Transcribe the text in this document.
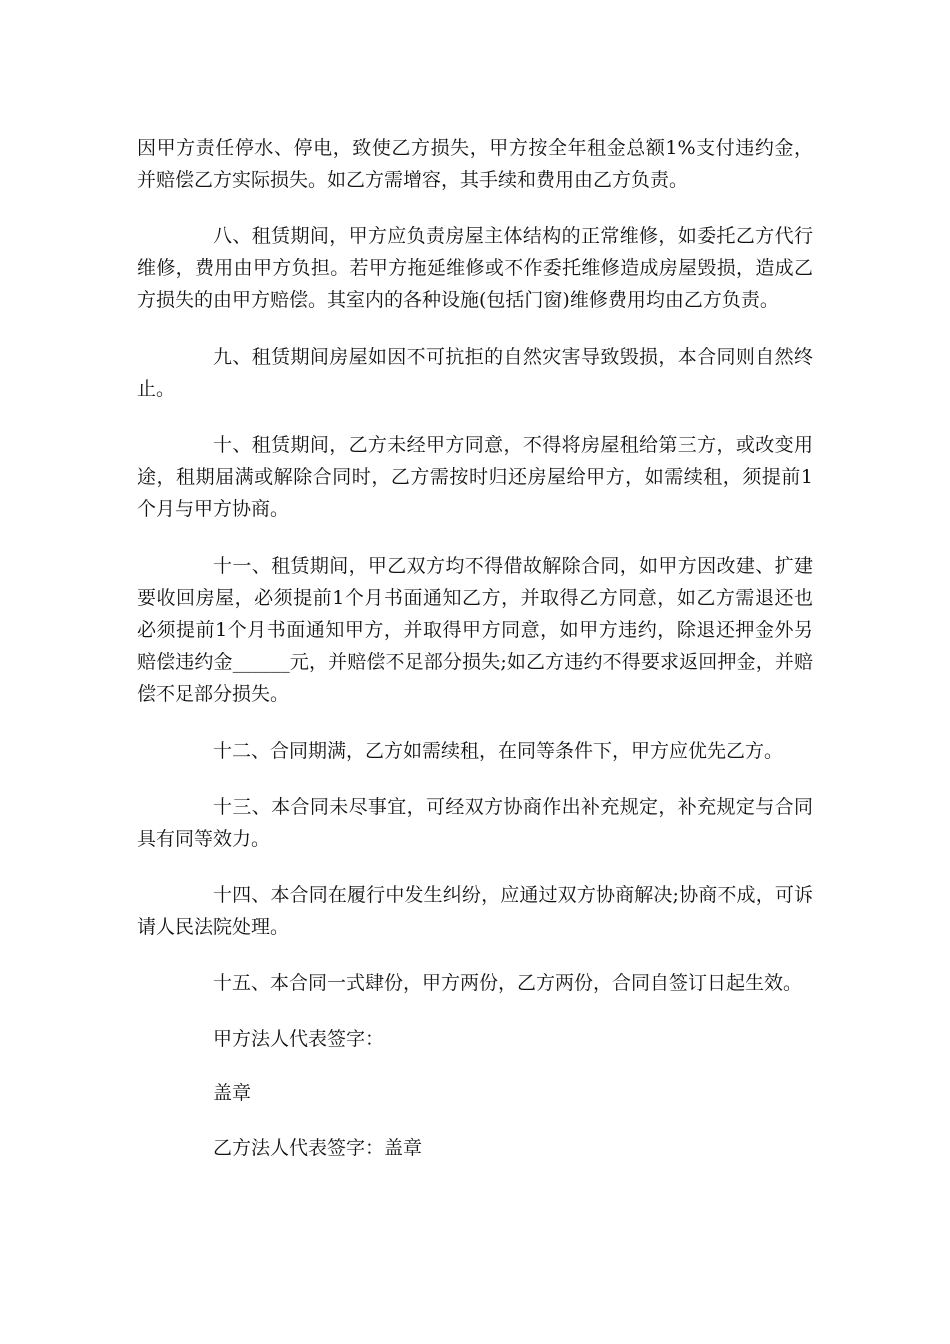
因甲方责任停水、停电，致使乙方损失，甲方按全年租金总额1%支付违约金，并赔偿乙方实际损失。如乙方需增容，其手续和费用由乙方负责。

八、租赁期间，甲方应负责房屋主体结构的正常维修，如委托乙方代行维修，费用由甲方负担。若甲方拖延维修或不作委托维修造成房屋毁损，造成乙方损失的由甲方赔偿。其室内的各种设施(包括门窗)维修费用均由乙方负责。

九、租赁期间房屋如因不可抗拒的自然灾害导致毁损，本合同则自然终止。

十、租赁期间，乙方未经甲方同意，不得将房屋租给第三方，或改变用途，租期届满或解除合同时，乙方需按时归还房屋给甲方，如需续租，须提前1个月与甲方协商。

十一、租赁期间，甲乙双方均不得借故解除合同，如甲方因改建、扩建要收回房屋，必须提前1个月书面通知乙方，并取得乙方同意，如乙方需退还也必须提前1个月书面通知甲方，并取得甲方同意，如甲方违约，除退还押金外另赔偿违约金______元，并赔偿不足部分损失;如乙方违约不得要求返回押金，并赔偿不足部分损失。

十二、合同期满，乙方如需续租，在同等条件下，甲方应优先乙方。

十三、本合同未尽事宜，可经双方协商作出补充规定，补充规定与合同具有同等效力。

十四、本合同在履行中发生纠纷，应通过双方协商解决;协商不成，可诉请人民法院处理。

十五、本合同一式肆份，甲方两份，乙方两份，合同自签订日起生效。

甲方法人代表签字：

盖章

乙方法人代表签字：盖章
